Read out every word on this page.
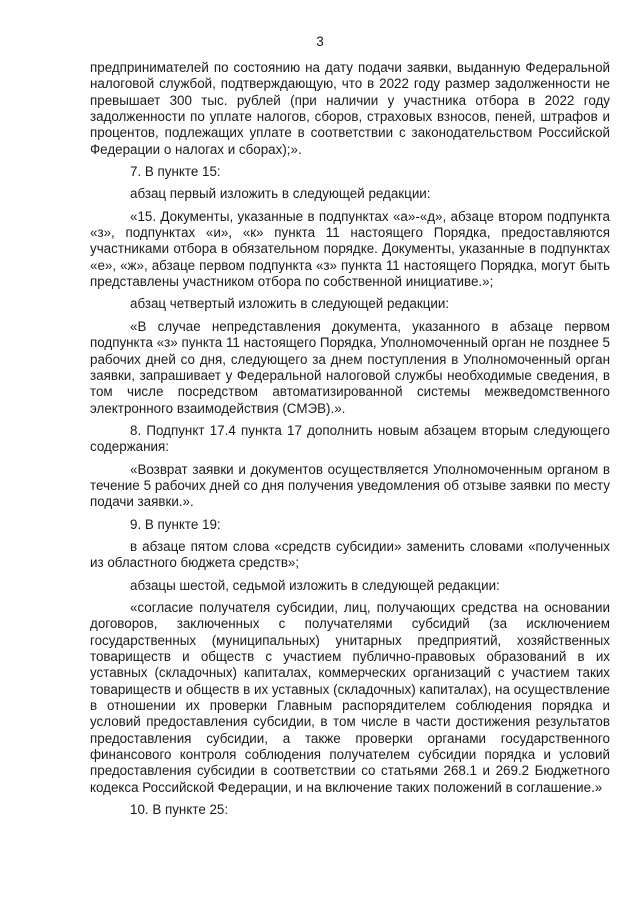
3

предпринимателей по состоянию на дату подачи заявки, выданную Федеральной налоговой службой, подтверждающую, что в 2022 году размер задолженности не превышает 300 тыс. рублей (при наличии у участника отбора в 2022 году задолженности по уплате налогов, сборов, страховых взносов, пеней, штрафов и процентов, подлежащих уплате в соответствии с законодательством Российской Федерации о налогах и сборах);».

7. В пункте 15:

абзац первый изложить в следующей редакции:

«15. Документы, указанные в подпунктах «а»-«д», абзаце втором подпункта «з», подпунктах «и», «к» пункта 11 настоящего Порядка, предоставляются участниками отбора в обязательном порядке. Документы, указанные в подпунктах «е», «ж», абзаце первом подпункта «з» пункта 11 настоящего Порядка, могут быть представлены участником отбора по собственной инициативе.»;

абзац четвертый изложить в следующей редакции:

«В случае непредставления документа, указанного в абзаце первом подпункта «з» пункта 11 настоящего Порядка, Уполномоченный орган не позднее 5 рабочих дней со дня, следующего за днем поступления в Уполномоченный орган заявки, запрашивает у Федеральной налоговой службы необходимые сведения, в том числе посредством автоматизированной системы межведомственного электронного взаимодействия (СМЭВ).».

8. Подпункт 17.4 пункта 17 дополнить новым абзацем вторым следующего содержания:

«Возврат заявки и документов осуществляется Уполномоченным органом в течение 5 рабочих дней со дня получения уведомления об отзыве заявки по месту подачи заявки.».

9. В пункте 19:

в абзаце пятом слова «средств субсидии» заменить словами «полученных из областного бюджета средств»;

абзацы шестой, седьмой изложить в следующей редакции:

«согласие получателя субсидии, лиц, получающих средства на основании договоров, заключенных с получателями субсидий (за исключением государственных (муниципальных) унитарных предприятий, хозяйственных товариществ и обществ с участием публично-правовых образований в их уставных (складочных) капиталах, коммерческих организаций с участием таких товариществ и обществ в их уставных (складочных) капиталах), на осуществление в отношении их проверки Главным распорядителем соблюдения порядка и условий предоставления субсидии, в том числе в части достижения результатов предоставления субсидии, а также проверки органами государственного финансового контроля соблюдения получателем субсидии порядка и условий предоставления субсидии в соответствии со статьями 268.1 и 269.2 Бюджетного кодекса Российской Федерации, и на включение таких положений в соглашение.»

10. В пункте 25:
